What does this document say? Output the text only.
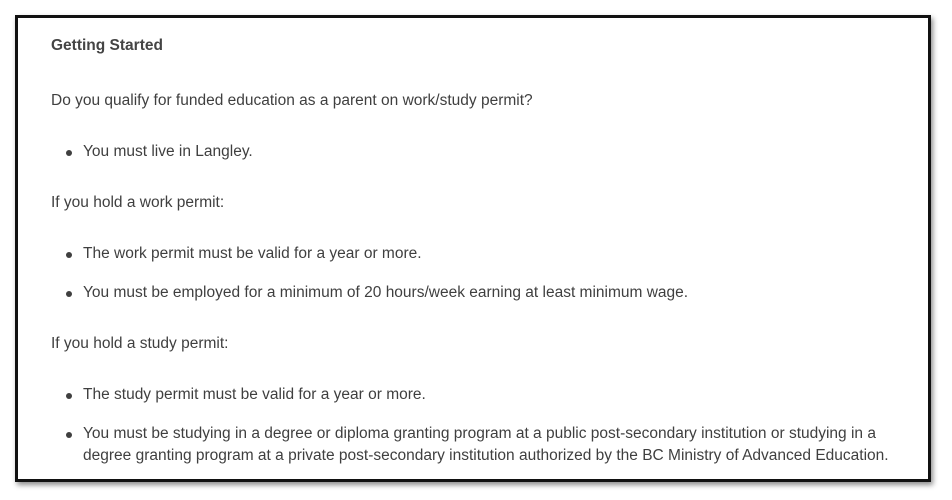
Getting Started

Do you qualify for funded education as a parent on work/study permit?

You must live in Langley.

If you hold a work permit:

The work permit must be valid for a year or more.
You must be employed for a minimum of 20 hours/week earning at least minimum wage.

If you hold a study permit:

The study permit must be valid for a year or more.
You must be studying in a degree or diploma granting program at a public post-secondary institution or studying in a degree granting program at a private post-secondary institution authorized by the BC Ministry of Advanced Education.
